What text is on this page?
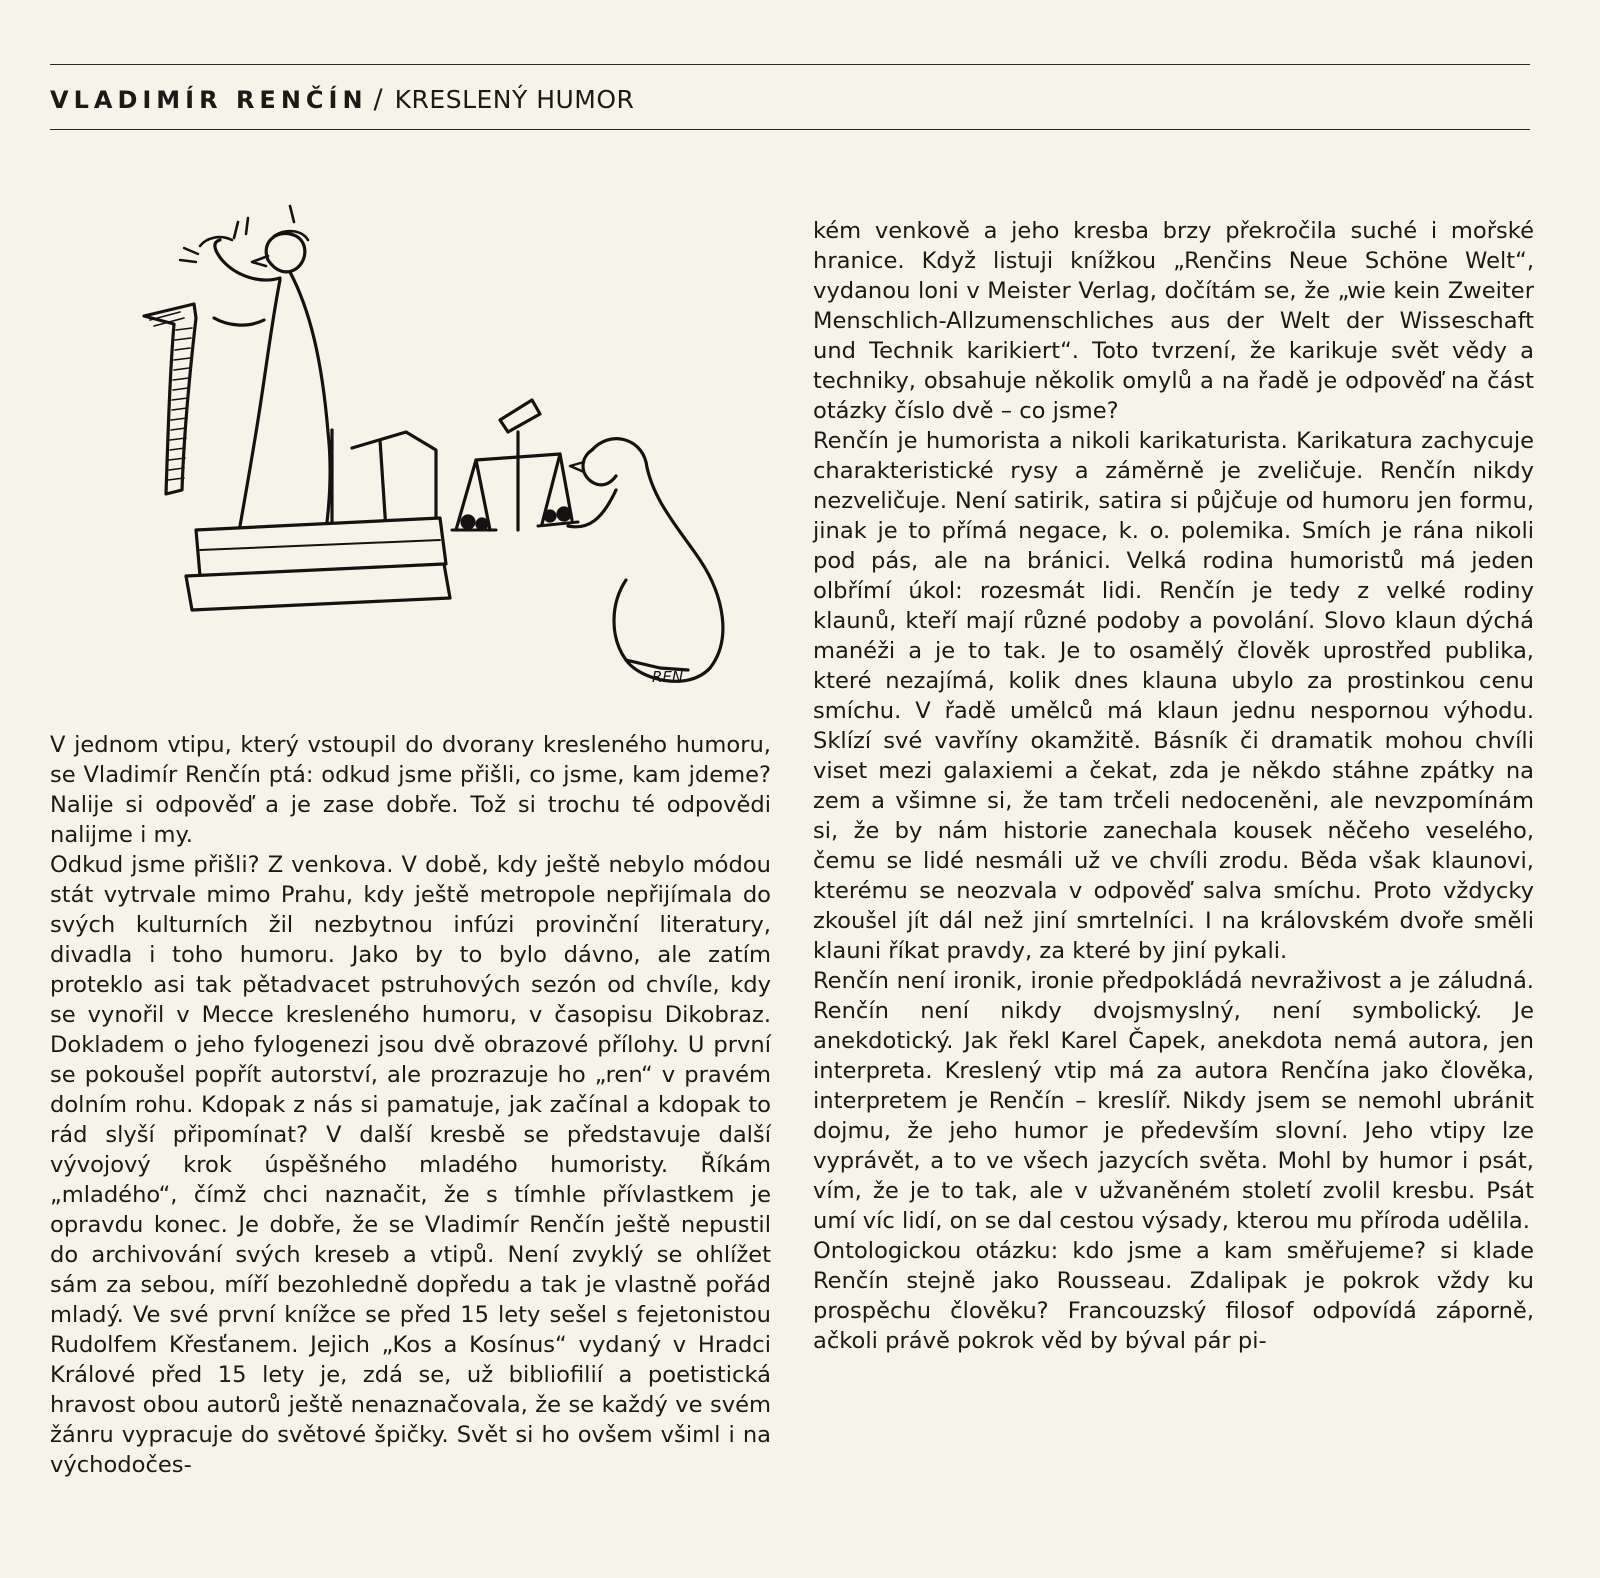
VLADIMÍR RENČÍN / KRESLENÝ HUMOR
REN

V jednom vtipu, který vstoupil do dvorany kresleného humoru, se Vladimír Renčín ptá: odkud jsme přišli, co jsme, kam jdeme? Nalije si odpověď a je zase dobře. Tož si trochu té odpovědi nalijme i my.

Odkud jsme přišli? Z venkova. V době, kdy ještě nebylo módou stát vytrvale mimo Prahu, kdy ještě metropole nepřijímala do svých kulturních žil nezbytnou infúzi provinční literatury, divadla i toho humoru. Jako by to bylo dávno, ale zatím proteklo asi tak pětadvacet pstruhových sezón od chvíle, kdy se vynořil v Mecce kresleného humoru, v časopisu Dikobraz. Dokladem o jeho fylogenezi jsou dvě obrazové přílohy. U první se pokoušel popřít autorství, ale prozrazuje ho „ren“ v pravém dolním rohu. Kdopak z nás si pamatuje, jak začínal a kdopak to rád slyší připomínat? V další kresbě se představuje další vývojový krok úspěšného mladého humoristy. Říkám „mladého“, čímž chci naznačit, že s tímhle přívlastkem je opravdu konec. Je dobře, že se Vladimír Renčín ještě nepustil do archivování svých kreseb a vtipů. Není zvyklý se ohlížet sám za sebou, míří bezohledně dopředu a tak je vlastně pořád mladý. Ve své první knížce se před 15 lety sešel s fejetonistou Rudolfem Křesťanem. Jejich „Kos a Kosínus“ vydaný v Hradci Králové před 15 lety je, zdá se, už bibliofilií a poetistická hravost obou autorů ještě nenaznačovala, že se každý ve svém žánru vypracuje do světové špičky. Svět si ho ovšem všiml i na východočes-

kém venkově a jeho kresba brzy překročila suché i mořské hranice. Když listuji knížkou „Renčins Neue Schöne Welt“, vydanou loni v Meister Verlag, dočítám se, že „wie kein Zweiter Menschlich-Allzumenschliches aus der Welt der Wisseschaft und Technik karikiert“. Toto tvrzení, že karikuje svět vědy a techniky, obsahuje několik omylů a na řadě je odpověď na část otázky číslo dvě – co jsme?

Renčín je humorista a nikoli karikaturista. Karikatura zachycuje charakteristické rysy a záměrně je zveličuje. Renčín nikdy nezveličuje. Není satirik, satira si půjčuje od humoru jen formu, jinak je to přímá negace, k. o. polemika. Smích je rána nikoli pod pás, ale na bránici. Velká rodina humoristů má jeden olbřímí úkol: rozesmát lidi. Renčín je tedy z velké rodiny klaunů, kteří mají různé podoby a povolání. Slovo klaun dýchá manéži a je to tak. Je to osamělý člověk uprostřed publika, které nezajímá, kolik dnes klauna ubylo za prostinkou cenu smíchu. V řadě umělců má klaun jednu nespornou výhodu. Sklízí své vavříny okamžitě. Básník či dramatik mohou chvíli viset mezi galaxiemi a čekat, zda je někdo stáhne zpátky na zem a všimne si, že tam trčeli nedoceněni, ale nevzpomínám si, že by nám historie zanechala kousek něčeho veselého, čemu se lidé nesmáli už ve chvíli zrodu. Běda však klaunovi, kterému se neozvala v odpověď salva smíchu. Proto vždycky zkoušel jít dál než jiní smrtelníci. I na královském dvoře směli klauni říkat pravdy, za které by jiní pykali.

Renčín není ironik, ironie předpokládá nevraživost a je záludná. Renčín není nikdy dvojsmyslný, není symbolický. Je anekdotický. Jak řekl Karel Čapek, anekdota nemá autora, jen interpreta. Kreslený vtip má za autora Renčína jako člověka, interpretem je Renčín – kreslíř. Nikdy jsem se nemohl ubránit dojmu, že jeho humor je především slovní. Jeho vtipy lze vyprávět, a to ve všech jazycích světa. Mohl by humor i psát, vím, že je to tak, ale v užvaněném století zvolil kresbu. Psát umí víc lidí, on se dal cestou výsady, kterou mu příroda udělila.

Ontologickou otázku: kdo jsme a kam směřujeme? si klade Renčín stejně jako Rousseau. Zdalipak je pokrok vždy ku prospěchu člověku? Francouzský filosof odpovídá záporně, ačkoli právě pokrok věd by býval pár pi-
